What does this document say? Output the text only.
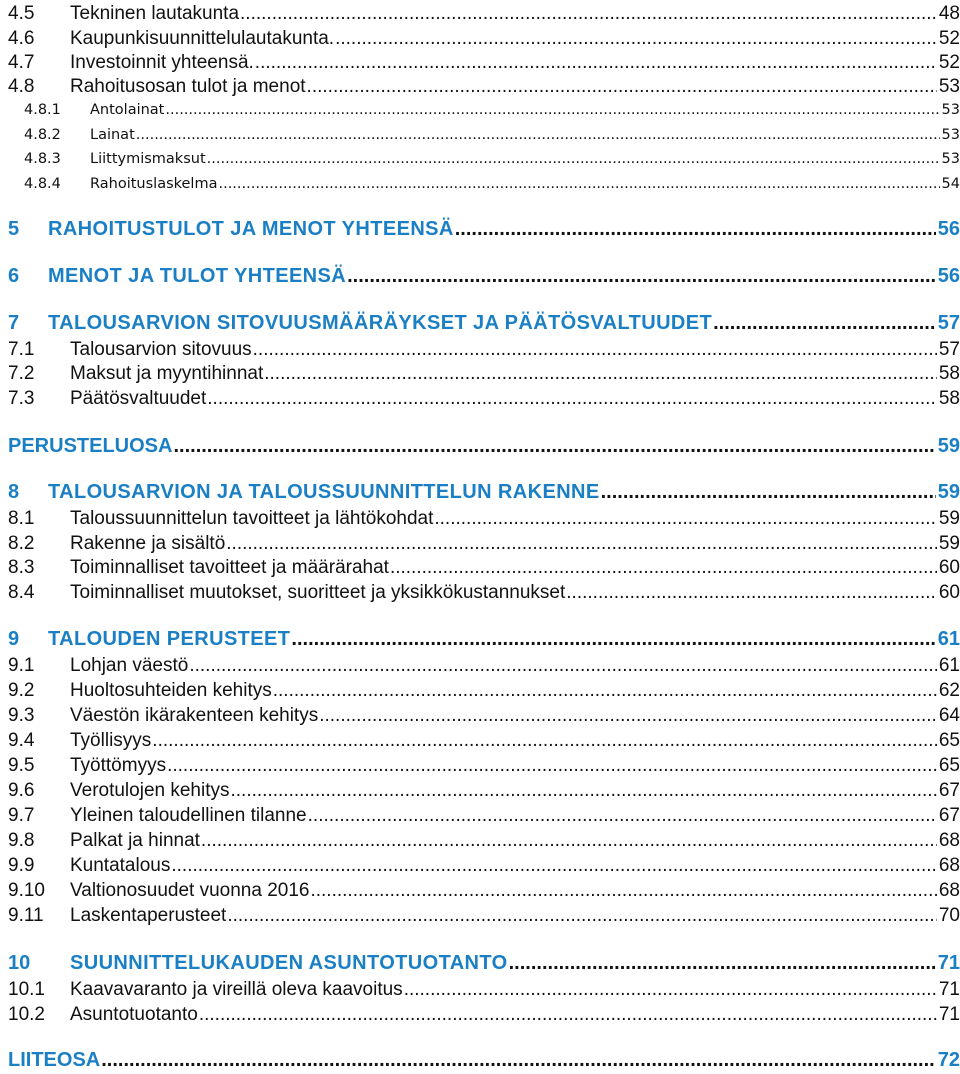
4.5	Tekninen lautakunta .....	48
4.6	Kaupunkisuunnittelulautakunta. .....	52
4.7	Investoinnit yhteensä. .....	52
4.8	Rahoitusosan tulot ja menot .....	53
4.8.1	Antolainat .....	53
4.8.2	Lainat .....	53
4.8.3	Liittymismaksut .....	53
4.8.4	Rahoituslaskelma .....	54
5	RAHOITUSTULOT JA MENOT YHTEENSÄ .....	56
6	MENOT JA TULOT YHTEENSÄ .....	56
7	TALOUSARVION SITOVUUSMÄÄRÄYKSET JA PÄÄTÖSVALTUUDET .....	57
7.1	Talousarvion sitovuus .....	57
7.2	Maksut ja myyntihinnat .....	58
7.3	Päätösvaltuudet .....	58
PERUSTELUOSA .....	59
8	TALOUSARVION JA TALOUSSUUNNITTELUN RAKENNE .....	59
8.1	Taloussuunnittelun tavoitteet ja lähtökohdat .....	59
8.2	Rakenne ja sisältö .....	59
8.3	Toiminnalliset tavoitteet ja määrärahat .....	60
8.4	Toiminnalliset muutokset, suoritteet ja yksikkökustannukset .....	60
9	TALOUDEN PERUSTEET .....	61
9.1	Lohjan väestö .....	61
9.2	Huoltosuhteiden kehitys .....	62
9.3	Väestön ikärakenteen kehitys .....	64
9.4	Työllisyys .....	65
9.5	Työttömyys .....	65
9.6	Verotulojen kehitys .....	67
9.7	Yleinen taloudellinen tilanne .....	67
9.8	Palkat ja hinnat .....	68
9.9	Kuntatalous .....	68
9.10	Valtionosuudet vuonna 2016 .....	68
9.11	Laskentaperusteet .....	70
10	SUUNNITTELUKAUDEN ASUNTOTUOTANTO .....	71
10.1	Kaavavaranto ja vireillä oleva kaavoitus .....	71
10.2	Asuntotuotanto .....	71
LIITEOSA .....	72
